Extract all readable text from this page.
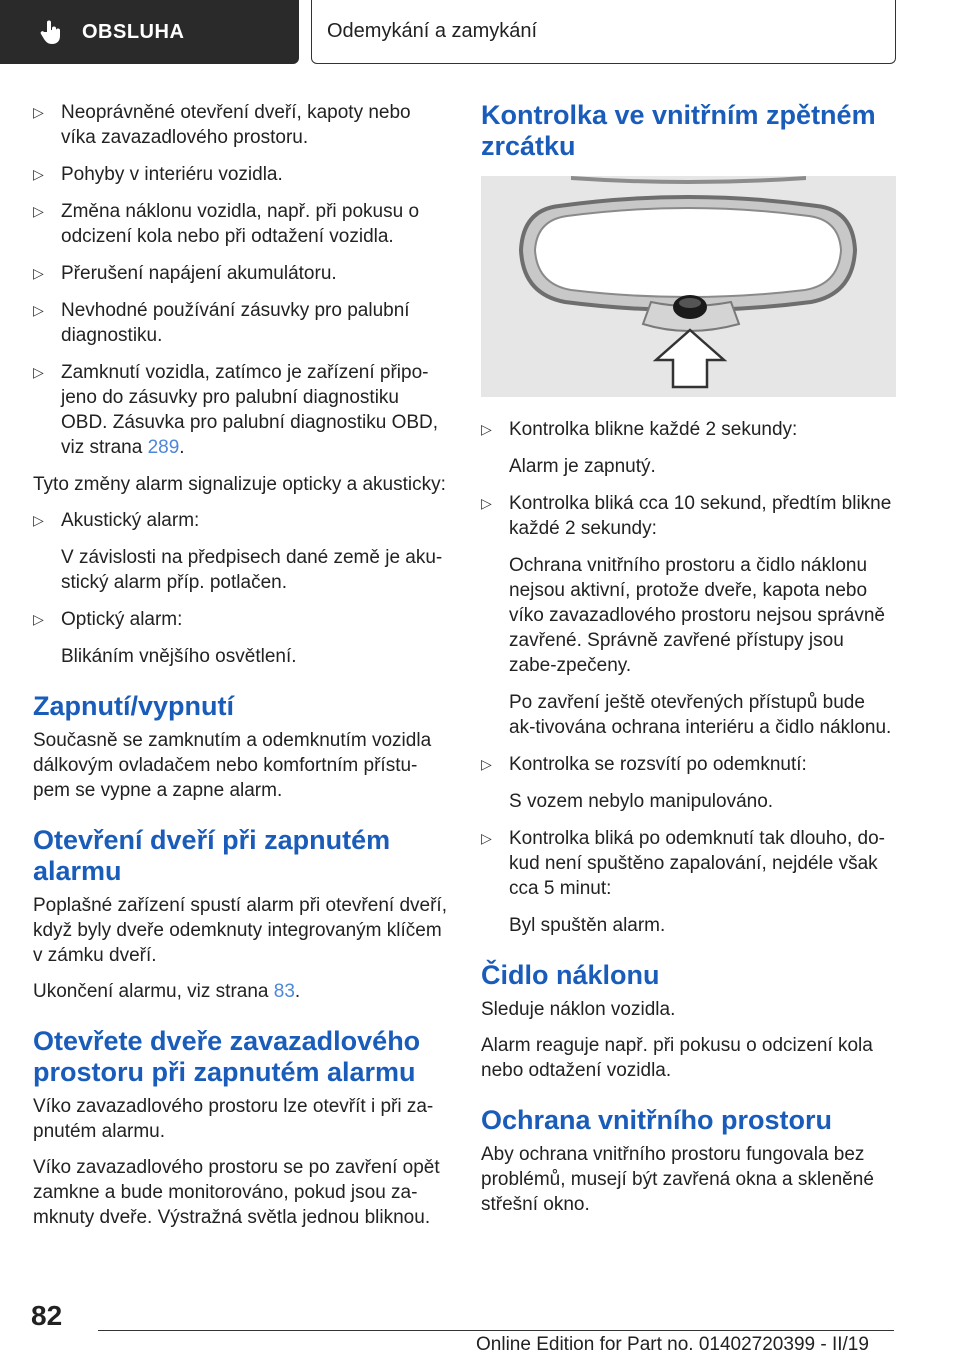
OBSLUHA	Odemykání a zamykání
▷ Neoprávněné otevření dveří, kapoty nebo víka zavazadlového prostoru.
▷ Pohyby v interiéru vozidla.
▷ Změna náklonu vozidla, např. při pokusu o odcizení kola nebo při odtažení vozidla.
▷ Přerušení napájení akumulátoru.
▷ Nevhodné používání zásuvky pro palubní diagnostiku.
▷ Zamknutí vozidla, zatímco je zařízení připo‐jeno do zásuvky pro palubní diagnostiku OBD. Zásuvka pro palubní diagnostiku OBD, viz strana 289.

Tyto změny alarm signalizuje opticky a akusticky:

▷ Akustický alarm:
V závislosti na předpisech dané země je aku‐stický alarm příp. potlačen.
▷ Optický alarm:
Blikáním vnějšího osvětlení.
Zapnutí/vypnutí

Současně se zamknutím a odemknutím vozidla dálkovým ovladačem nebo komfortním přístu‐pem se vypne a zapne alarm.

Otevření dveří při zapnutém alarmu

Poplašné zařízení spustí alarm při otevření dveří, když byly dveře odemknuty integrovaným klíčem v zámku dveří.

Ukončení alarmu, viz strana 83.

Otevřete dveře zavazadlového prostoru při zapnutém alarmu

Víko zavazadlového prostoru lze otevřít i při za‐pnutém alarmu.

Víko zavazadlového prostoru se po zavření opět zamkne a bude monitorováno, pokud jsou za‐mknuty dveře. Výstražná světla jednou bliknou.

Kontrolka ve vnitřním zpětném zrcátku
▷ Kontrolka blikne každé 2 sekundy:
Alarm je zapnutý.
▷ Kontrolka bliká cca 10 sekund, předtím blikne každé 2 sekundy:
Ochrana vnitřního prostoru a čidlo náklonu nejsou aktivní, protože dveře, kapota nebo víko zavazadlového prostoru nejsou správně zavřené. Správně zavřené přístupy jsou zabe‐zpečeny.
Po zavření ještě otevřených přístupů bude ak‐tivována ochrana interiéru a čidlo náklonu.
▷ Kontrolka se rozsvítí po odemknutí:
S vozem nebylo manipulováno.
▷ Kontrolka bliká po odemknutí tak dlouho, do‐kud není spuštěno zapalování, nejdéle však cca 5 minut:
Byl spuštěn alarm.
Čidlo náklonu

Sleduje náklon vozidla.

Alarm reaguje např. při pokusu o odcizení kola nebo odtažení vozidla.

Ochrana vnitřního prostoru

Aby ochrana vnitřního prostoru fungovala bez problémů, musejí být zavřená okna a skleněné střešní okno.

82
Online Edition for Part no. 01402720399 - II/19
